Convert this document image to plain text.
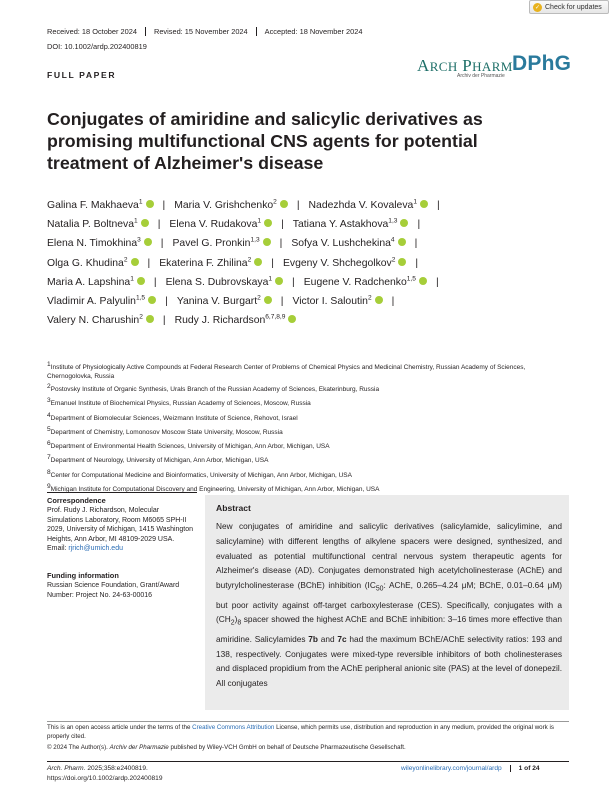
✓ Check for updates
Received: 18 October 2024	Revised: 15 November 2024	Accepted: 18 November 2024
DOI: 10.1002/ardp.202400819
FULL PAPER	ARCH PHARM
Archiv der Pharmazie
DPhG
Conjugates of amiridine and salicylic derivatives as promising multifunctional CNS agents for potential treatment of Alzheimer's disease
Galina F. Makhaeva$^1$ iD | Maria V. Grishchenko$^2$ iD | Nadezhda V. Kovaleva$^1$ iD |
Natalia P. Boltneva$^1$ iD | Elena V. Rudakova$^1$ iD | Tatiana Y. Astakhova$^{1,3}$ iD |
Elena N. Timokhina$^3$ iD | Pavel G. Pronkin$^{1,3}$ iD | Sofya V. Lushchekina$^4$ iD |
Olga G. Khudina$^2$ iD | Ekaterina F. Zhilina$^2$ iD | Evgeny V. Shchegolkov$^2$ iD |
Maria A. Lapshina$^1$ iD | Elena S. Dubrovskaya$^1$ iD | Eugene V. Radchenko$^{1,5}$ iD |
Vladimir A. Palyulin$^{1,5}$ iD | Yanina V. Burgart$^2$ iD | Victor I. Saloutin$^2$ iD |
Valery N. Charushin$^2$ iD | Rudy J. Richardson$^{6,7,8,9}$iD
$^1$Institute of Physiologically Active Compounds at Federal Research Center of Problems of Chemical Physics and Medicinal Chemistry, Russian Academy of Sciences, Chernogolovka, Russia
$^2$Postovsky Institute of Organic Synthesis, Urals Branch of the Russian Academy of Sciences, Ekaterinburg, Russia
$^3$Emanuel Institute of Biochemical Physics, Russian Academy of Sciences, Moscow, Russia
$^4$Department of Biomolecular Sciences, Weizmann Institute of Science, Rehovot, Israel
$^5$Department of Chemistry, Lomonosov Moscow State University, Moscow, Russia
$^6$Department of Environmental Health Sciences, University of Michigan, Ann Arbor, Michigan, USA
$^7$Department of Neurology, University of Michigan, Ann Arbor, Michigan, USA
$^8$Center for Computational Medicine and Bioinformatics, University of Michigan, Ann Arbor, Michigan, USA
$^9$Michigan Institute for Computational Discovery and Engineering, University of Michigan, Ann Arbor, Michigan, USA
Correspondence
Prof. Rudy J. Richardson, Molecular Simulations Laboratory, Room M6065 SPH-II 2029, University of Michigan, 1415 Washington Heights, Ann Arbor, MI 48109-2029 USA.
Email: rjrich@umich.edu
Funding information
Russian Science Foundation, Grant/Award Number: Project No. 24-63-00016
Abstract
New conjugates of amiridine and salicylic derivatives (salicylamide, salicylimine, and salicylamine) with different lengths of alkylene spacers were designed, synthesized, and evaluated as potential multifunctional central nervous system therapeutic agents for Alzheimer's disease (AD). Conjugates demonstrated high acetylcholinesterase (AChE) and butyrylcholinesterase (BChE) inhibition ($IC_{50}$: AChE, 0.265–4.24 μM; BChE, 0.01–0.64 μM) but poor activity against off-target carboxylesterase (CES). Specifically, conjugates with a $(CH_2)_8$ spacer showed the highest AChE and BChE inhibition: 3–16 times more effective than amiridine. Salicylamides 7b and 7c had the maximum BChE/AChE selectivity ratios: 193 and 138, respectively. Conjugates were mixed-type reversible inhibitors of both cholinesterases and displaced propidium from the AChE peripheral anionic site (PAS) at the level of donepezil. All conjugates
This is an open access article under the terms of the Creative Commons Attribution License, which permits use, distribution and reproduction in any medium, provided the original work is properly cited.
© 2024 The Author(s). Archiv der Pharmazie published by Wiley-VCH GmbH on behalf of Deutsche Pharmazeutische Gesellschaft.
Arch. Pharm. 2025;358:e2400819.
https://doi.org/10.1002/ardp.202400819
wileyonlinelibrary.com/journal/ardp	1 of 24
